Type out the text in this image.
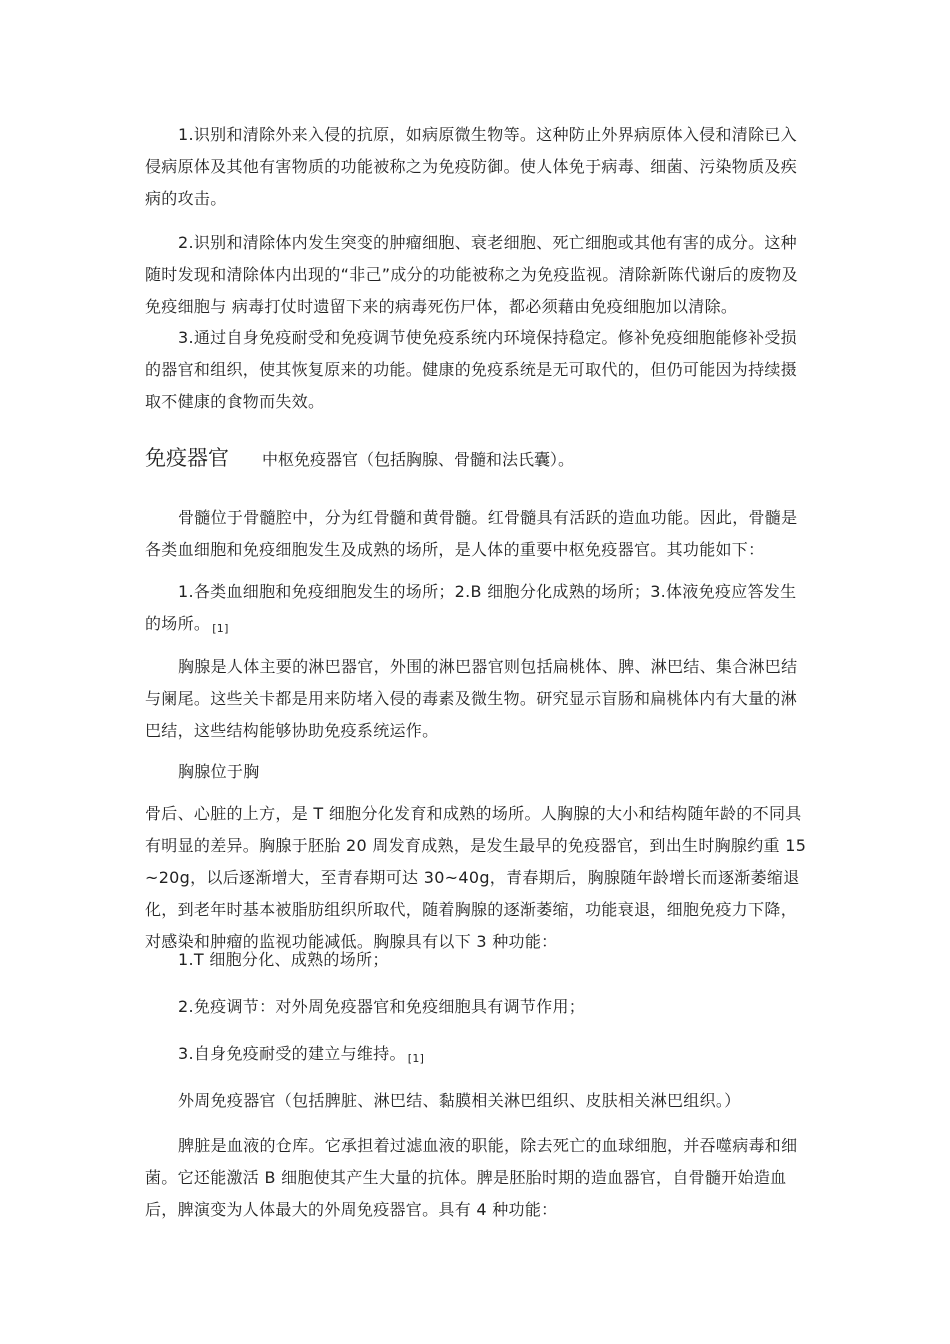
1.识别和清除外来入侵的抗原，如病原微生物等。这种防止外界病原体入侵和清除已入侵病原体及其他有害物质的功能被称之为免疫防御。使人体免于病毒、细菌、污染物质及疾病的攻击。

2.识别和清除体内发生突变的肿瘤细胞、衰老细胞、死亡细胞或其他有害的成分。这种随时发现和清除体内出现的“非己”成分的功能被称之为免疫监视。清除新陈代谢后的废物及免疫细胞与 病毒打仗时遗留下来的病毒死伤尸体，都必须藉由免疫细胞加以清除。

3.通过自身免疫耐受和免疫调节使免疫系统内环境保持稳定。修补免疫细胞能修补受损的器官和组织，使其恢复原来的功能。健康的免疫系统是无可取代的，但仍可能因为持续摄取不健康的食物而失效。

免疫器官 中枢免疫器官（包括胸腺、骨髓和法氏囊）。

骨髓位于骨髓腔中，分为红骨髓和黄骨髓。红骨髓具有活跃的造血功能。因此，骨髓是各类血细胞和免疫细胞发生及成熟的场所，是人体的重要中枢免疫器官。其功能如下：

1.各类血细胞和免疫细胞发生的场所；2.B 细胞分化成熟的场所；3.体液免疫应答发生的场所。 [1]

胸腺是人体主要的淋巴器官，外围的淋巴器官则包括扁桃体、脾、淋巴结、集合淋巴结与阑尾。这些关卡都是用来防堵入侵的毒素及微生物。研究显示盲肠和扁桃体内有大量的淋巴结，这些结构能够协助免疫系统运作。

胸腺位于胸

骨后、心脏的上方，是 T 细胞分化发育和成熟的场所。人胸腺的大小和结构随年龄的不同具有明显的差异。胸腺于胚胎 20 周发育成熟，是发生最早的免疫器官，到出生时胸腺约重 15~20g，以后逐渐增大，至青春期可达 30~40g，青春期后，胸腺随年龄增长而逐渐萎缩退化，到老年时基本被脂肪组织所取代，随着胸腺的逐渐萎缩，功能衰退，细胞免疫力下降，对感染和肿瘤的监视功能减低。胸腺具有以下 3 种功能：

1.T 细胞分化、成熟的场所；

2.免疫调节：对外周免疫器官和免疫细胞具有调节作用；

3.自身免疫耐受的建立与维持。 [1]

外周免疫器官（包括脾脏、淋巴结、黏膜相关淋巴组织、皮肤相关淋巴组织。）

脾脏是血液的仓库。它承担着过滤血液的职能，除去死亡的血球细胞，并吞噬病毒和细菌。它还能激活 B 细胞使其产生大量的抗体。脾是胚胎时期的造血器官，自骨髓开始造血后，脾演变为人体最大的外周免疫器官。具有 4 种功能：
